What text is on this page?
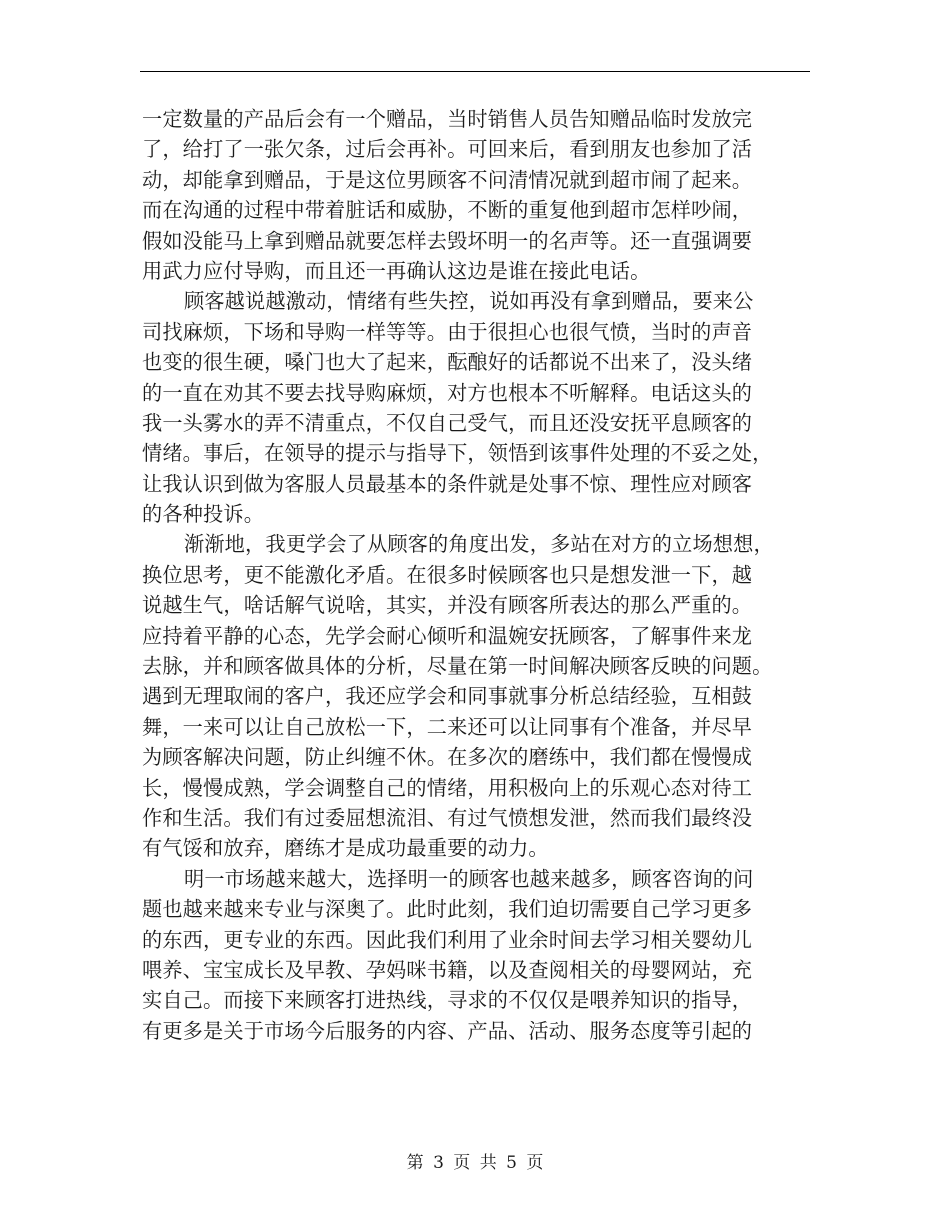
一定数量的产品后会有一个赠品，当时销售人员告知赠品临时发放完
了，给打了一张欠条，过后会再补。可回来后，看到朋友也参加了活
动，却能拿到赠品，于是这位男顾客不问清情况就到超市闹了起来。
而在沟通的过程中带着脏话和威胁，不断的重复他到超市怎样吵闹，
假如没能马上拿到赠品就要怎样去毁坏明一的名声等。还一直强调要
用武力应付导购，而且还一再确认这边是谁在接此电话。
顾客越说越激动，情绪有些失控，说如再没有拿到赠品，要来公
司找麻烦，下场和导购一样等等。由于很担心也很气愤，当时的声音
也变的很生硬，嗓门也大了起来，酝酿好的话都说不出来了，没头绪
的一直在劝其不要去找导购麻烦，对方也根本不听解释。电话这头的
我一头雾水的弄不清重点，不仅自己受气，而且还没安抚平息顾客的
情绪。事后，在领导的提示与指导下，领悟到该事件处理的不妥之处，
让我认识到做为客服人员最基本的条件就是处事不惊、理性应对顾客
的各种投诉。
渐渐地，我更学会了从顾客的角度出发，多站在对方的立场想想，
换位思考，更不能激化矛盾。在很多时候顾客也只是想发泄一下，越
说越生气，啥话解气说啥，其实，并没有顾客所表达的那么严重的。
应持着平静的心态，先学会耐心倾听和温婉安抚顾客，了解事件来龙
去脉，并和顾客做具体的分析，尽量在第一时间解决顾客反映的问题。
遇到无理取闹的客户，我还应学会和同事就事分析总结经验，互相鼓
舞，一来可以让自己放松一下，二来还可以让同事有个准备，并尽早
为顾客解决问题，防止纠缠不休。在多次的磨练中，我们都在慢慢成
长，慢慢成熟，学会调整自己的情绪，用积极向上的乐观心态对待工
作和生活。我们有过委屈想流泪、有过气愤想发泄，然而我们最终没
有气馁和放弃，磨练才是成功最重要的动力。
明一市场越来越大，选择明一的顾客也越来越多，顾客咨询的问
题也越来越来专业与深奥了。此时此刻，我们迫切需要自己学习更多
的东西，更专业的东西。因此我们利用了业余时间去学习相关婴幼儿
喂养、宝宝成长及早教、孕妈咪书籍，以及查阅相关的母婴网站，充
实自己。而接下来顾客打进热线，寻求的不仅仅是喂养知识的指导，
有更多是关于市场今后服务的内容、产品、活动、服务态度等引起的
第 3 页 共 5 页
